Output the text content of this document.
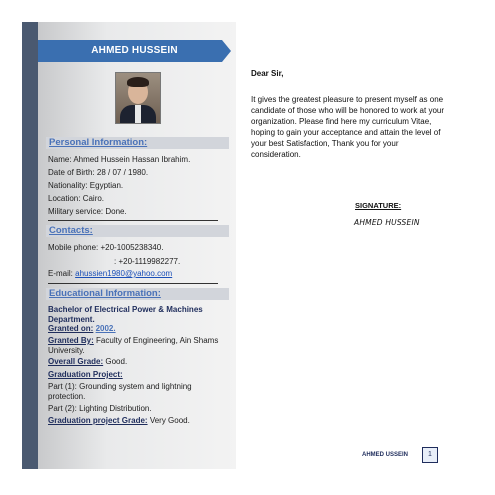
AHMED HUSSEIN
Personal Information:
Name: Ahmed Hussein Hassan Ibrahim.
Date of Birth: 28 / 07 / 1980.
Nationality: Egyptian.
Location: Cairo.
Military service: Done.
Contacts:
Mobile phone: +20-1005238340.
: +20-1119982277.
E-mail: ahussien1980@yahoo.com
Educational Information:
Bachelor of Electrical Power & Machines Department.
Granted on: 2002.
Granted By: Faculty of Engineering, Ain Shams University.
Overall Grade: Good.
Graduation Project:
Part (1): Grounding system and lightning protection.
Part (2): Lighting Distribution.
Graduation project Grade: Very Good.
Dear Sir,
It gives the greatest pleasure to present myself as one candidate of those who will be honored to work at your organization. Please find here my curriculum Vitae, hoping to gain your acceptance and attain the level of your best Satisfaction, Thank you for your consideration.
SIGNATURE:
AHMED HUSSEIN
AHMED USSEIN	1
